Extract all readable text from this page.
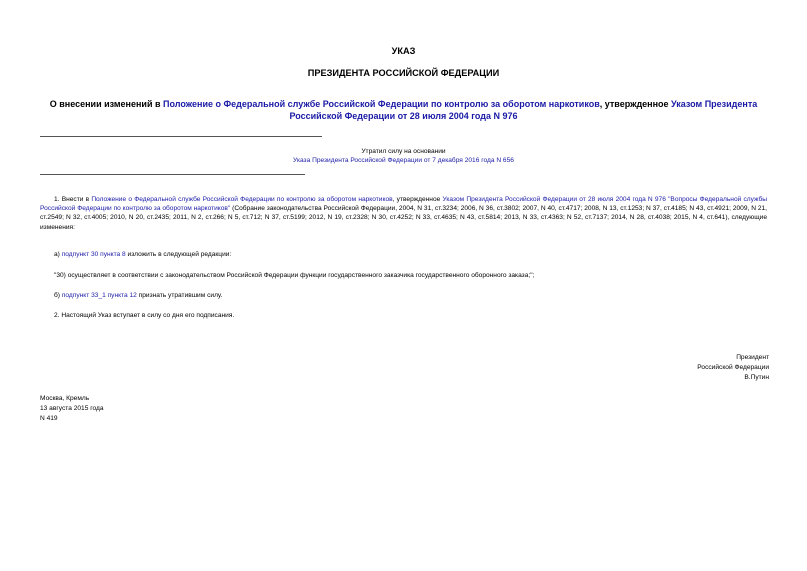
УКАЗ
ПРЕЗИДЕНТА РОССИЙСКОЙ ФЕДЕРАЦИИ
О внесении изменений в Положение о Федеральной службе Российской Федерации по контролю за оборотом наркотиков, утвержденное Указом Президента Российской Федерации от 28 июля 2004 года N 976
Утратил силу на основании
Указа Президента Российской Федерации от 7 декабря 2016 года N 656
1. Внести в Положение о Федеральной службе Российской Федерации по контролю за оборотом наркотиков, утвержденное Указом Президента Российской Федерации от 28 июля 2004 года N 976 "Вопросы Федеральной службы Российской Федерации по контролю за оборотом наркотиков" (Собрание законодательства Российской Федерации, 2004, N 31, ст.3234; 2006, N 36, ст.3802; 2007, N 40, ст.4717; 2008, N 13, ст.1253; N 37, ст.4185; N 43, ст.4921; 2009, N 21, ст.2549; N 32, ст.4005; 2010, N 20, ст.2435; 2011, N 2, ст.266; N 5, ст.712; N 37, ст.5199; 2012, N 19, ст.2328; N 30, ст.4252; N 33, ст.4635; N 43, ст.5814; 2013, N 33, ст.4363; N 52, ст.7137; 2014, N 28, ст.4038; 2015, N 4, ст.641), следующие изменения:
а) подпункт 30 пункта 8 изложить в следующей редакции:
"30) осуществляет в соответствии с законодательством Российской Федерации функции государственного заказчика государственного оборонного заказа;";
б) подпункт 33_1 пункта 12 признать утратившим силу.
2. Настоящий Указ вступает в силу со дня его подписания.
Президент
Российской Федерации
В.Путин
Москва, Кремль
13 августа 2015 года
N 419
